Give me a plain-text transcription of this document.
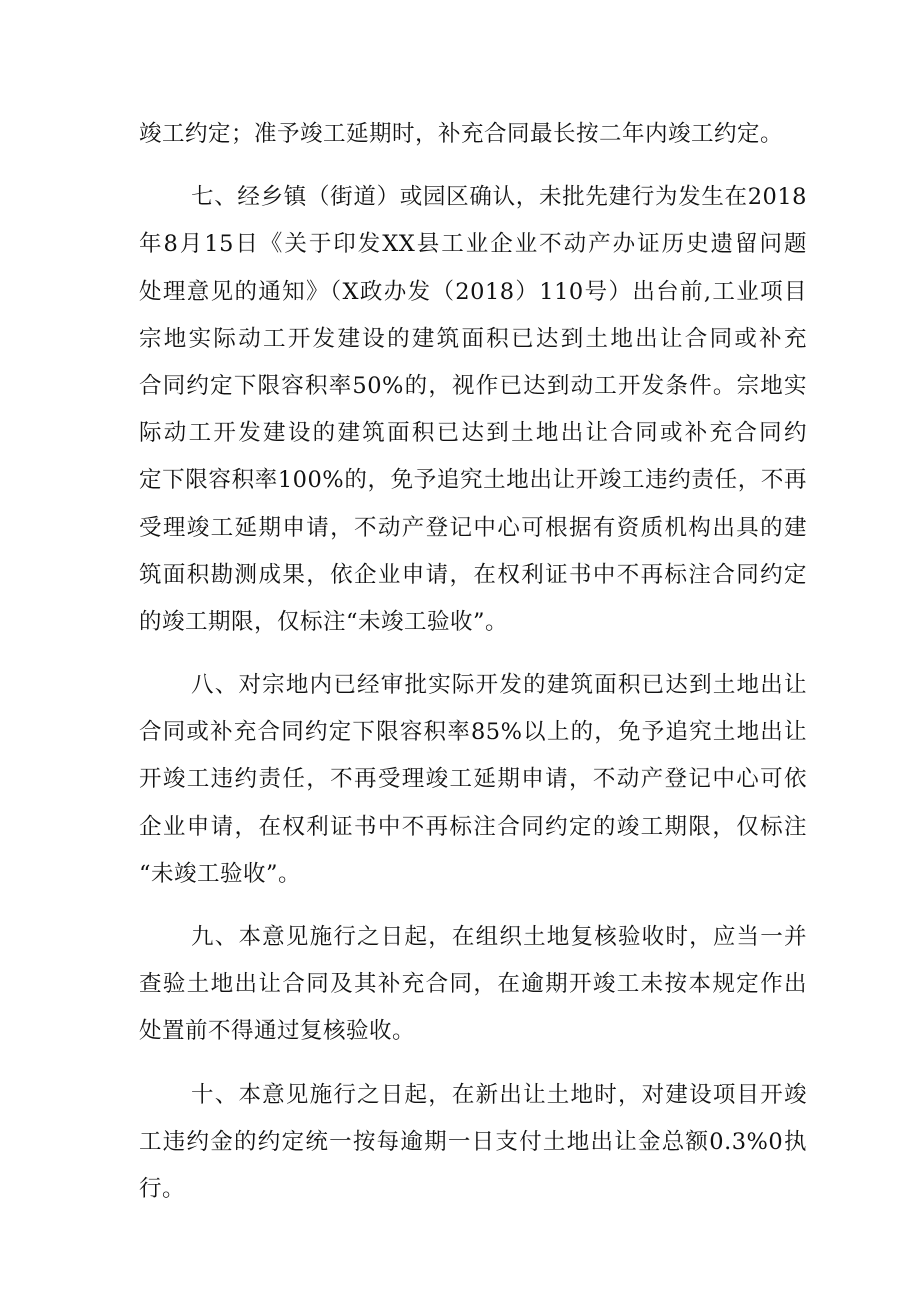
竣工约定；准予竣工延期时，补充合同最长按二年内竣工约定。
七、经乡镇（街道）或园区确认，未批先建行为发生在2018
年8月15日《关于印发XX县工业企业不动产办证历史遗留问题
处理意见的通知》（X政办发（2018）110号）出台前,工业项目
宗地实际动工开发建设的建筑面积已达到土地出让合同或补充
合同约定下限容积率50%的，视作已达到动工开发条件。宗地实
际动工开发建设的建筑面积已达到土地出让合同或补充合同约
定下限容积率100%的，免予追究土地出让开竣工违约责任，不再
受理竣工延期申请，不动产登记中心可根据有资质机构出具的建
筑面积勘测成果，依企业申请，在权利证书中不再标注合同约定
的竣工期限，仅标注“未竣工验收”。
八、对宗地内已经审批实际开发的建筑面积已达到土地出让
合同或补充合同约定下限容积率85%以上的，免予追究土地出让
开竣工违约责任，不再受理竣工延期申请，不动产登记中心可依
企业申请，在权利证书中不再标注合同约定的竣工期限，仅标注
“未竣工验收”。
九、本意见施行之日起，在组织土地复核验收时，应当一并
查验土地出让合同及其补充合同，在逾期开竣工未按本规定作出
处置前不得通过复核验收。
十、本意见施行之日起，在新出让土地时，对建设项目开竣
工违约金的约定统一按每逾期一日支付土地出让金总额0.3%0执
行。
